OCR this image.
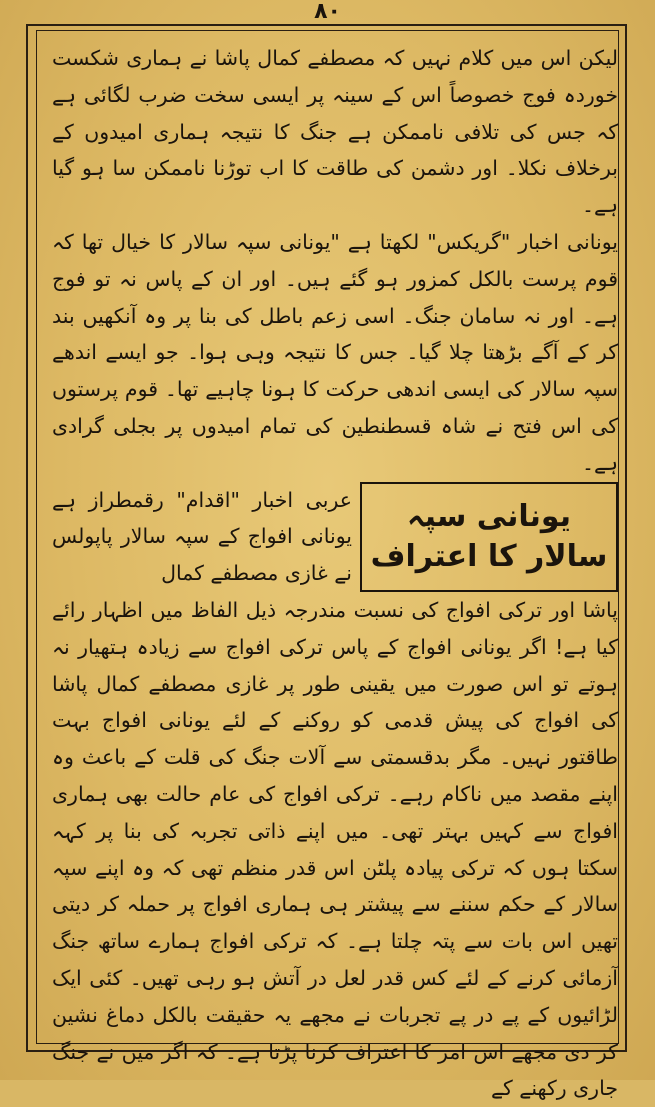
۸۰

لیکن اس میں کلام نہیں کہ مصطفے کمال پاشا نے ہماری شکست خوردہ فوج خصوصاً اس کے سینہ پر ایسی سخت ضرب لگائی ہے کہ جس کی تلافی ناممکن ہے جنگ کا نتیجہ ہماری امیدوں کے برخلاف نکلا۔ اور دشمن کی طاقت کا اب توڑنا ناممکن سا ہو گیا ہے۔

یونانی اخبار "گریکس" لکھتا ہے "یونانی سپہ سالار کا خیال تھا کہ قوم پرست بالکل کمزور ہو گئے ہیں۔ اور ان کے پاس نہ تو فوج ہے۔ اور نہ سامان جنگ۔ اسی زعم باطل کی بنا پر وہ آنکھیں بند کر کے آگے بڑھتا چلا گیا۔ جس کا نتیجہ وہی ہوا۔ جو ایسے اندھے سپہ سالار کی ایسی اندھی حرکت کا ہونا چاہیے تھا۔ قوم پرستوں کی اس فتح نے شاہ قسطنطین کی تمام امیدوں پر بجلی گرادی ہے۔

یونانی سپہ سالار کا اعتراف
عربی اخبار "اقدام" رقمطراز ہے یونانی افواج کے سپہ سالار پاپولس نے غازی مصطفے کمال

پاشا اور ترکی افواج کی نسبت مندرجہ ذیل الفاظ میں اظہار رائے کیا ہے! اگر یونانی افواج کے پاس ترکی افواج سے زیادہ ہتھیار نہ ہوتے تو اس صورت میں یقینی طور پر غازی مصطفے کمال پاشا کی افواج کی پیش قدمی کو روکنے کے لئے یونانی افواج بہت طاقتور نہیں۔ مگر بدقسمتی سے آلات جنگ کی قلت کے باعث وہ اپنے مقصد میں ناکام رہے۔ ترکی افواج کی عام حالت بھی ہماری افواج سے کہیں بہتر تھی۔ میں اپنے ذاتی تجربہ کی بنا پر کہہ سکتا ہوں کہ ترکی پیادہ پلٹن اس قدر منظم تھی کہ وہ اپنے سپہ سالار کے حکم سننے سے پیشتر ہی ہماری افواج پر حملہ کر دیتی تھیں اس بات سے پتہ چلتا ہے۔ کہ ترکی افواج ہمارے ساتھ جنگ آزمائی کرنے کے لئے کس قدر لعل در آتش ہو رہی تھیں۔ کئی ایک لڑائیوں کے پے در پے تجربات نے مجھے یہ حقیقت بالکل دماغ نشین کر دی مجھے اس امر کا اعتراف کرنا پڑتا ہے۔ کہ اگر میں نے جنگ جاری رکھنے کے
